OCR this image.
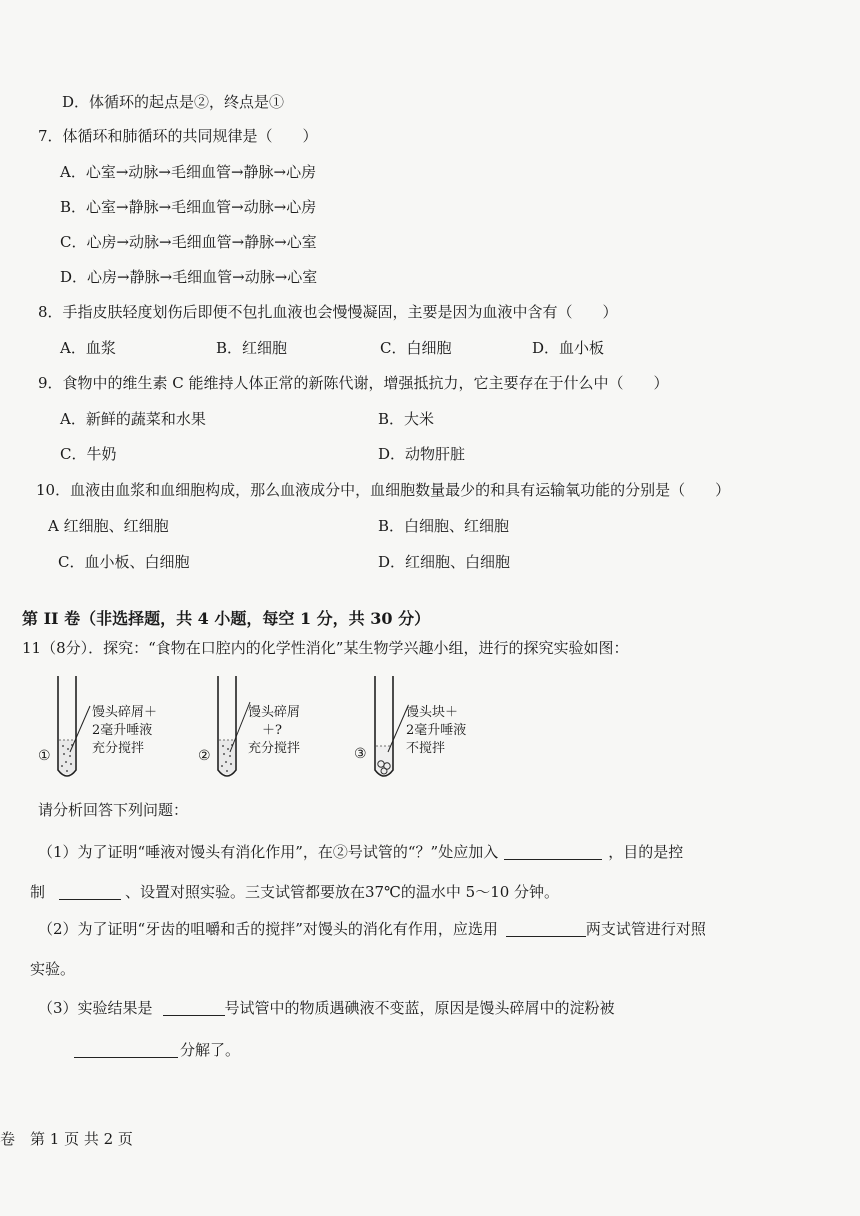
D．体循环的起点是②，终点是①
7．体循环和肺循环的共同规律是（　　）
A．心室→动脉→毛细血管→静脉→心房
B．心室→静脉→毛细血管→动脉→心房
C．心房→动脉→毛细血管→静脉→心室
D．心房→静脉→毛细血管→动脉→心室
8．手指皮肤轻度划伤后即便不包扎血液也会慢慢凝固，主要是因为血液中含有（　　）
A．血浆	B．红细胞	C．白细胞	D．血小板
9．食物中的维生素 C 能维持人体正常的新陈代谢，增强抵抗力，它主要存在于什么中（　　）
A．新鲜的蔬菜和水果	B．大米
C．牛奶	D．动物肝脏
10．血液由血浆和血细胞构成，那么血液成分中，血细胞数量最少的和具有运输氧功能的分别是（　　）
A 红细胞、红细胞	B．白细胞、红细胞
C．血小板、白细胞	D．红细胞、白细胞
第 II 卷（非选择题，共 4 小题，每空 1 分，共 30 分）
11（8分）．探究：“食物在口腔内的化学性消化”某生物学兴趣小组，进行的探究实验如图：
①
馒头碎屑＋
2毫升唾液
充分搅拌	②
馒头碎屑
＋?
充分搅拌	③
馒头块＋
2毫升唾液
不搅拌
请分析回答下列问题：
（1）为了证明“唾液对馒头有消化作用”，在②号试管的“？”处应加入	，目的是控
制	、设置对照实验。三支试管都要放在37℃的温水中 5～10 分钟。
（2）为了证明“牙齿的咀嚼和舌的搅拌”对馒头的消化有作用，应选用	两支试管进行对照
实验。
（3）实验结果是	号试管中的物质遇碘液不变蓝，原因是馒头碎屑中的淀粉被
分解了。
卷　第 1 页 共 2 页
